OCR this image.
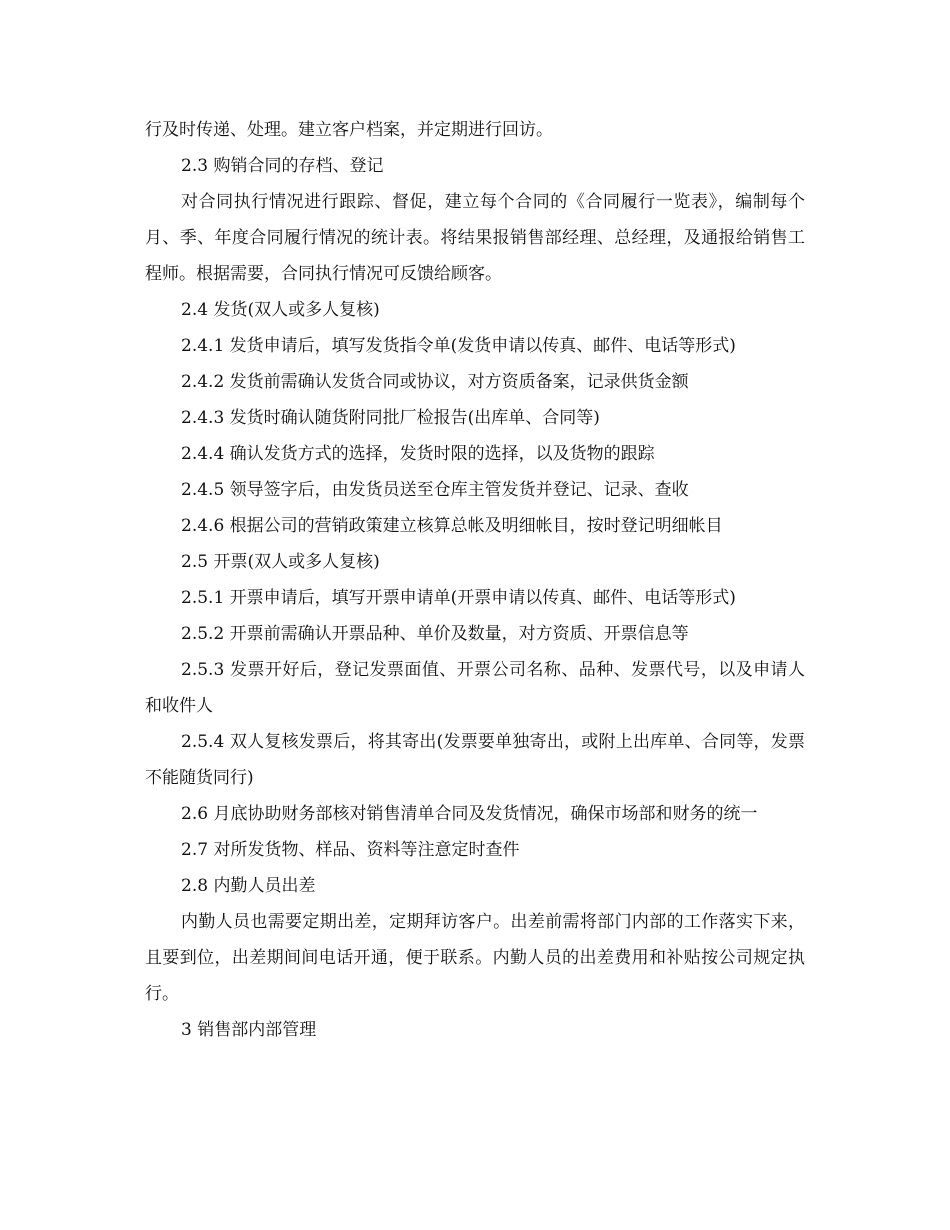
行及时传递、处理。建立客户档案，并定期进行回访。

2.3 购销合同的存档、登记

对合同执行情况进行跟踪、督促，建立每个合同的《合同履行一览表》，编制每个月、季、年度合同履行情况的统计表。将结果报销售部经理、总经理，及通报给销售工程师。根据需要，合同执行情况可反馈给顾客。

2.4 发货(双人或多人复核)

2.4.1 发货申请后，填写发货指令单(发货申请以传真、邮件、电话等形式)

2.4.2 发货前需确认发货合同或协议，对方资质备案，记录供货金额

2.4.3 发货时确认随货附同批厂检报告(出库单、合同等)

2.4.4 确认发货方式的选择，发货时限的选择，以及货物的跟踪

2.4.5 领导签字后，由发货员送至仓库主管发货并登记、记录、查收

2.4.6 根据公司的营销政策建立核算总帐及明细帐目，按时登记明细帐目

2.5 开票(双人或多人复核)

2.5.1 开票申请后，填写开票申请单(开票申请以传真、邮件、电话等形式)

2.5.2 开票前需确认开票品种、单价及数量，对方资质、开票信息等

2.5.3 发票开好后，登记发票面值、开票公司名称、品种、发票代号，以及申请人和收件人

2.5.4 双人复核发票后，将其寄出(发票要单独寄出，或附上出库单、合同等，发票不能随货同行)

2.6 月底协助财务部核对销售清单合同及发货情况，确保市场部和财务的统一

2.7 对所发货物、样品、资料等注意定时查件

2.8 内勤人员出差

内勤人员也需要定期出差，定期拜访客户。出差前需将部门内部的工作落实下来，且要到位，出差期间间电话开通，便于联系。内勤人员的出差费用和补贴按公司规定执行。

3 销售部内部管理
